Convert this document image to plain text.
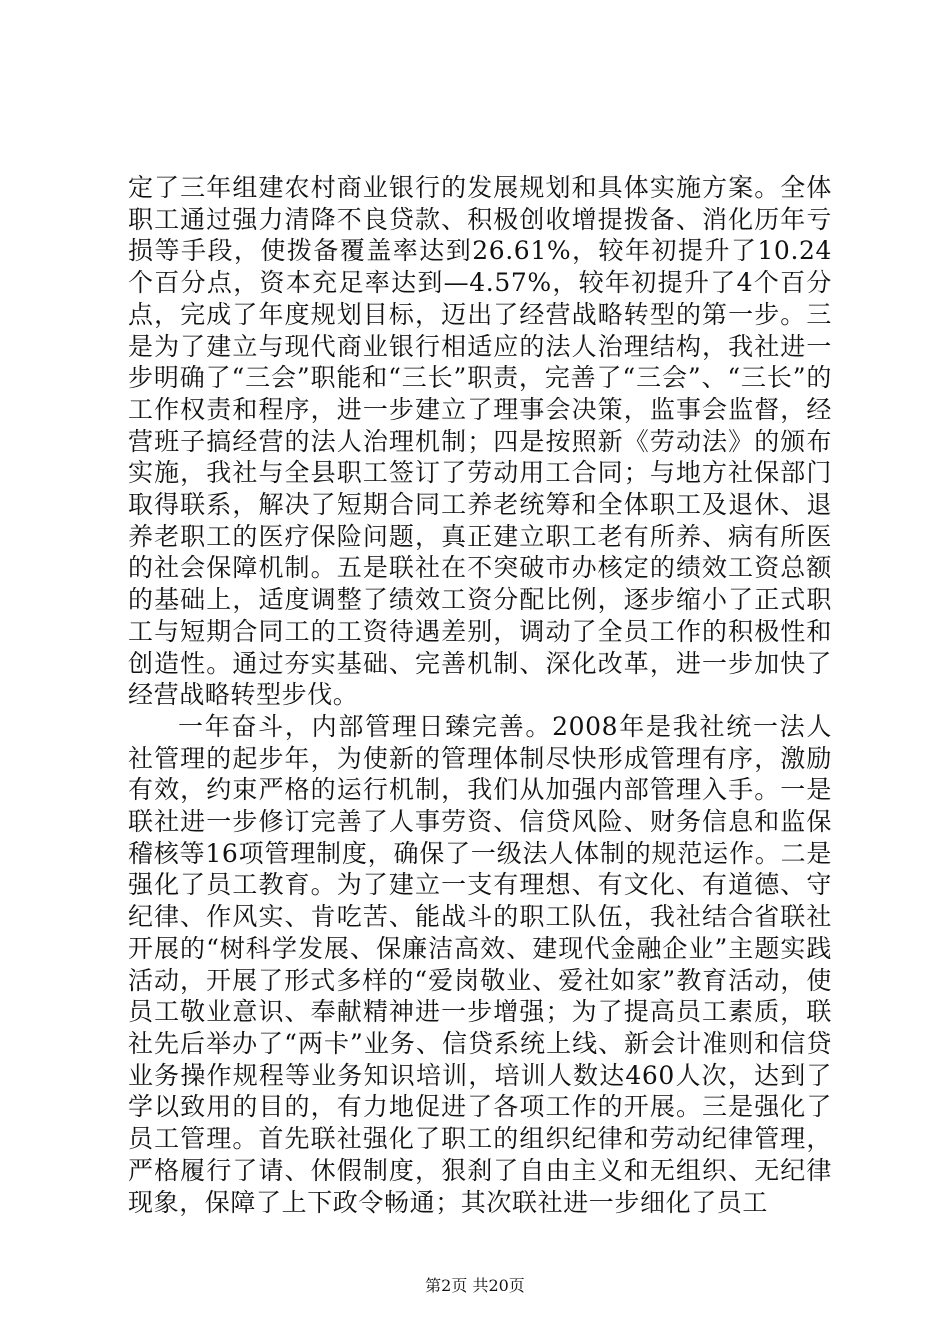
定了三年组建农村商业银行的发展规划和具体实施方案。全体职工通过强力清降不良贷款、积极创收增提拨备、消化历年亏损等手段，使拨备覆盖率达到26.61%，较年初提升了10.24个百分点，资本充足率达到—4.57%，较年初提升了4个百分点，完成了年度规划目标，迈出了经营战略转型的第一步。三是为了建立与现代商业银行相适应的法人治理结构，我社进一步明确了“三会”职能和“三长”职责，完善了“三会”、“三长”的工作权责和程序，进一步建立了理事会决策，监事会监督，经营班子搞经营的法人治理机制；四是按照新《劳动法》的颁布实施，我社与全县职工签订了劳动用工合同；与地方社保部门取得联系，解决了短期合同工养老统筹和全体职工及退休、退养老职工的医疗保险问题，真正建立职工老有所养、病有所医的社会保障机制。五是联社在不突破市办核定的绩效工资总额的基础上，适度调整了绩效工资分配比例，逐步缩小了正式职工与短期合同工的工资待遇差别，调动了全员工作的积极性和创造性。通过夯实基础、完善机制、深化改革，进一步加快了经营战略转型步伐。

一年奋斗，内部管理日臻完善。2008年是我社统一法人社管理的起步年，为使新的管理体制尽快形成管理有序，激励有效，约束严格的运行机制，我们从加强内部管理入手。一是联社进一步修订完善了人事劳资、信贷风险、财务信息和监保稽核等16项管理制度，确保了一级法人体制的规范运作。二是强化了员工教育。为了建立一支有理想、有文化、有道德、守纪律、作风实、肯吃苦、能战斗的职工队伍，我社结合省联社开展的“树科学发展、保廉洁高效、建现代金融企业”主题实践活动，开展了形式多样的“爱岗敬业、爱社如家”教育活动，使员工敬业意识、奉献精神进一步增强；为了提高员工素质，联社先后举办了“两卡”业务、信贷系统上线、新会计准则和信贷业务操作规程等业务知识培训，培训人数达460人次，达到了学以致用的目的，有力地促进了各项工作的开展。三是强化了员工管理。首先联社强化了职工的组织纪律和劳动纪律管理，严格履行了请、休假制度，狠刹了自由主义和无组织、无纪律现象，保障了上下政令畅通；其次联社进一步细化了员工

第2页 共20页
